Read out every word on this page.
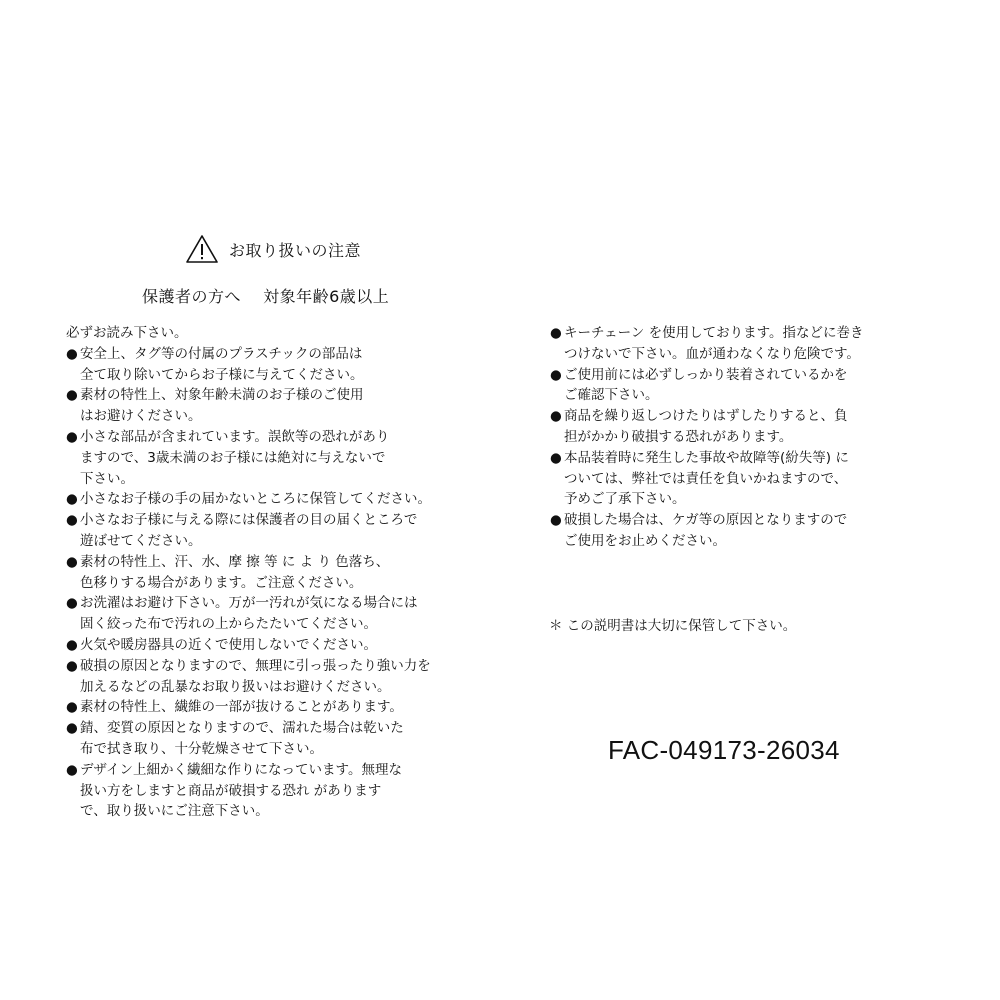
お取り扱いの注意
保護者の方へ　 対象年齢6歳以上
必ずお読み下さい。
● 安全上、タグ等の付属のプラスチックの部品は
全て取り除いてからお子様に与えてください。
● 素材の特性上、対象年齢未満のお子様のご使用
はお避けください。
● 小さな部品が含まれています。誤飲等の恐れがあり
ますので、3歳未満のお子様には絶対に与えないで
下さい。
● 小さなお子様の手の届かないところに保管してください。
● 小さなお子様に与える際には保護者の目の届くところで
遊ばせてください。
● 素材の特性上、汗、水、摩 擦 等 に よ り 色落ち、
色移りする場合があります。ご注意ください。
● お洗濯はお避け下さい。万が一汚れが気になる場合には
固く絞った布で汚れの上からたたいてください。
● 火気や暖房器具の近くで使用しないでください。
● 破損の原因となりますので、無理に引っ張ったり強い力を
加えるなどの乱暴なお取り扱いはお避けください。
● 素材の特性上、繊維の一部が抜けることがあります。
● 錆、変質の原因となりますので、濡れた場合は乾いた
布で拭き取り、十分乾燥させて下さい。
● デザイン上細かく繊細な作りになっています。無理な
扱い方をしますと商品が破損する恐れ があります
で、取り扱いにご注意下さい。
● キーチェーン を使用しております。指などに巻き
つけないで下さい。血が通わなくなり危険です。
● ご使用前には必ずしっかり装着されているかを
ご確認下さい。
● 商品を繰り返しつけたりはずしたりすると、負
担がかかり破損する恐れがあります。
● 本品装着時に発生した事故や故障等(紛失等) に
ついては、弊社では責任を負いかねますので、
予めご了承下さい。
● 破損した場合は、ケガ等の原因となりますので
ご使用をお止めください。
＊ この説明書は大切に保管して下さい。
FAC-049173-26034
